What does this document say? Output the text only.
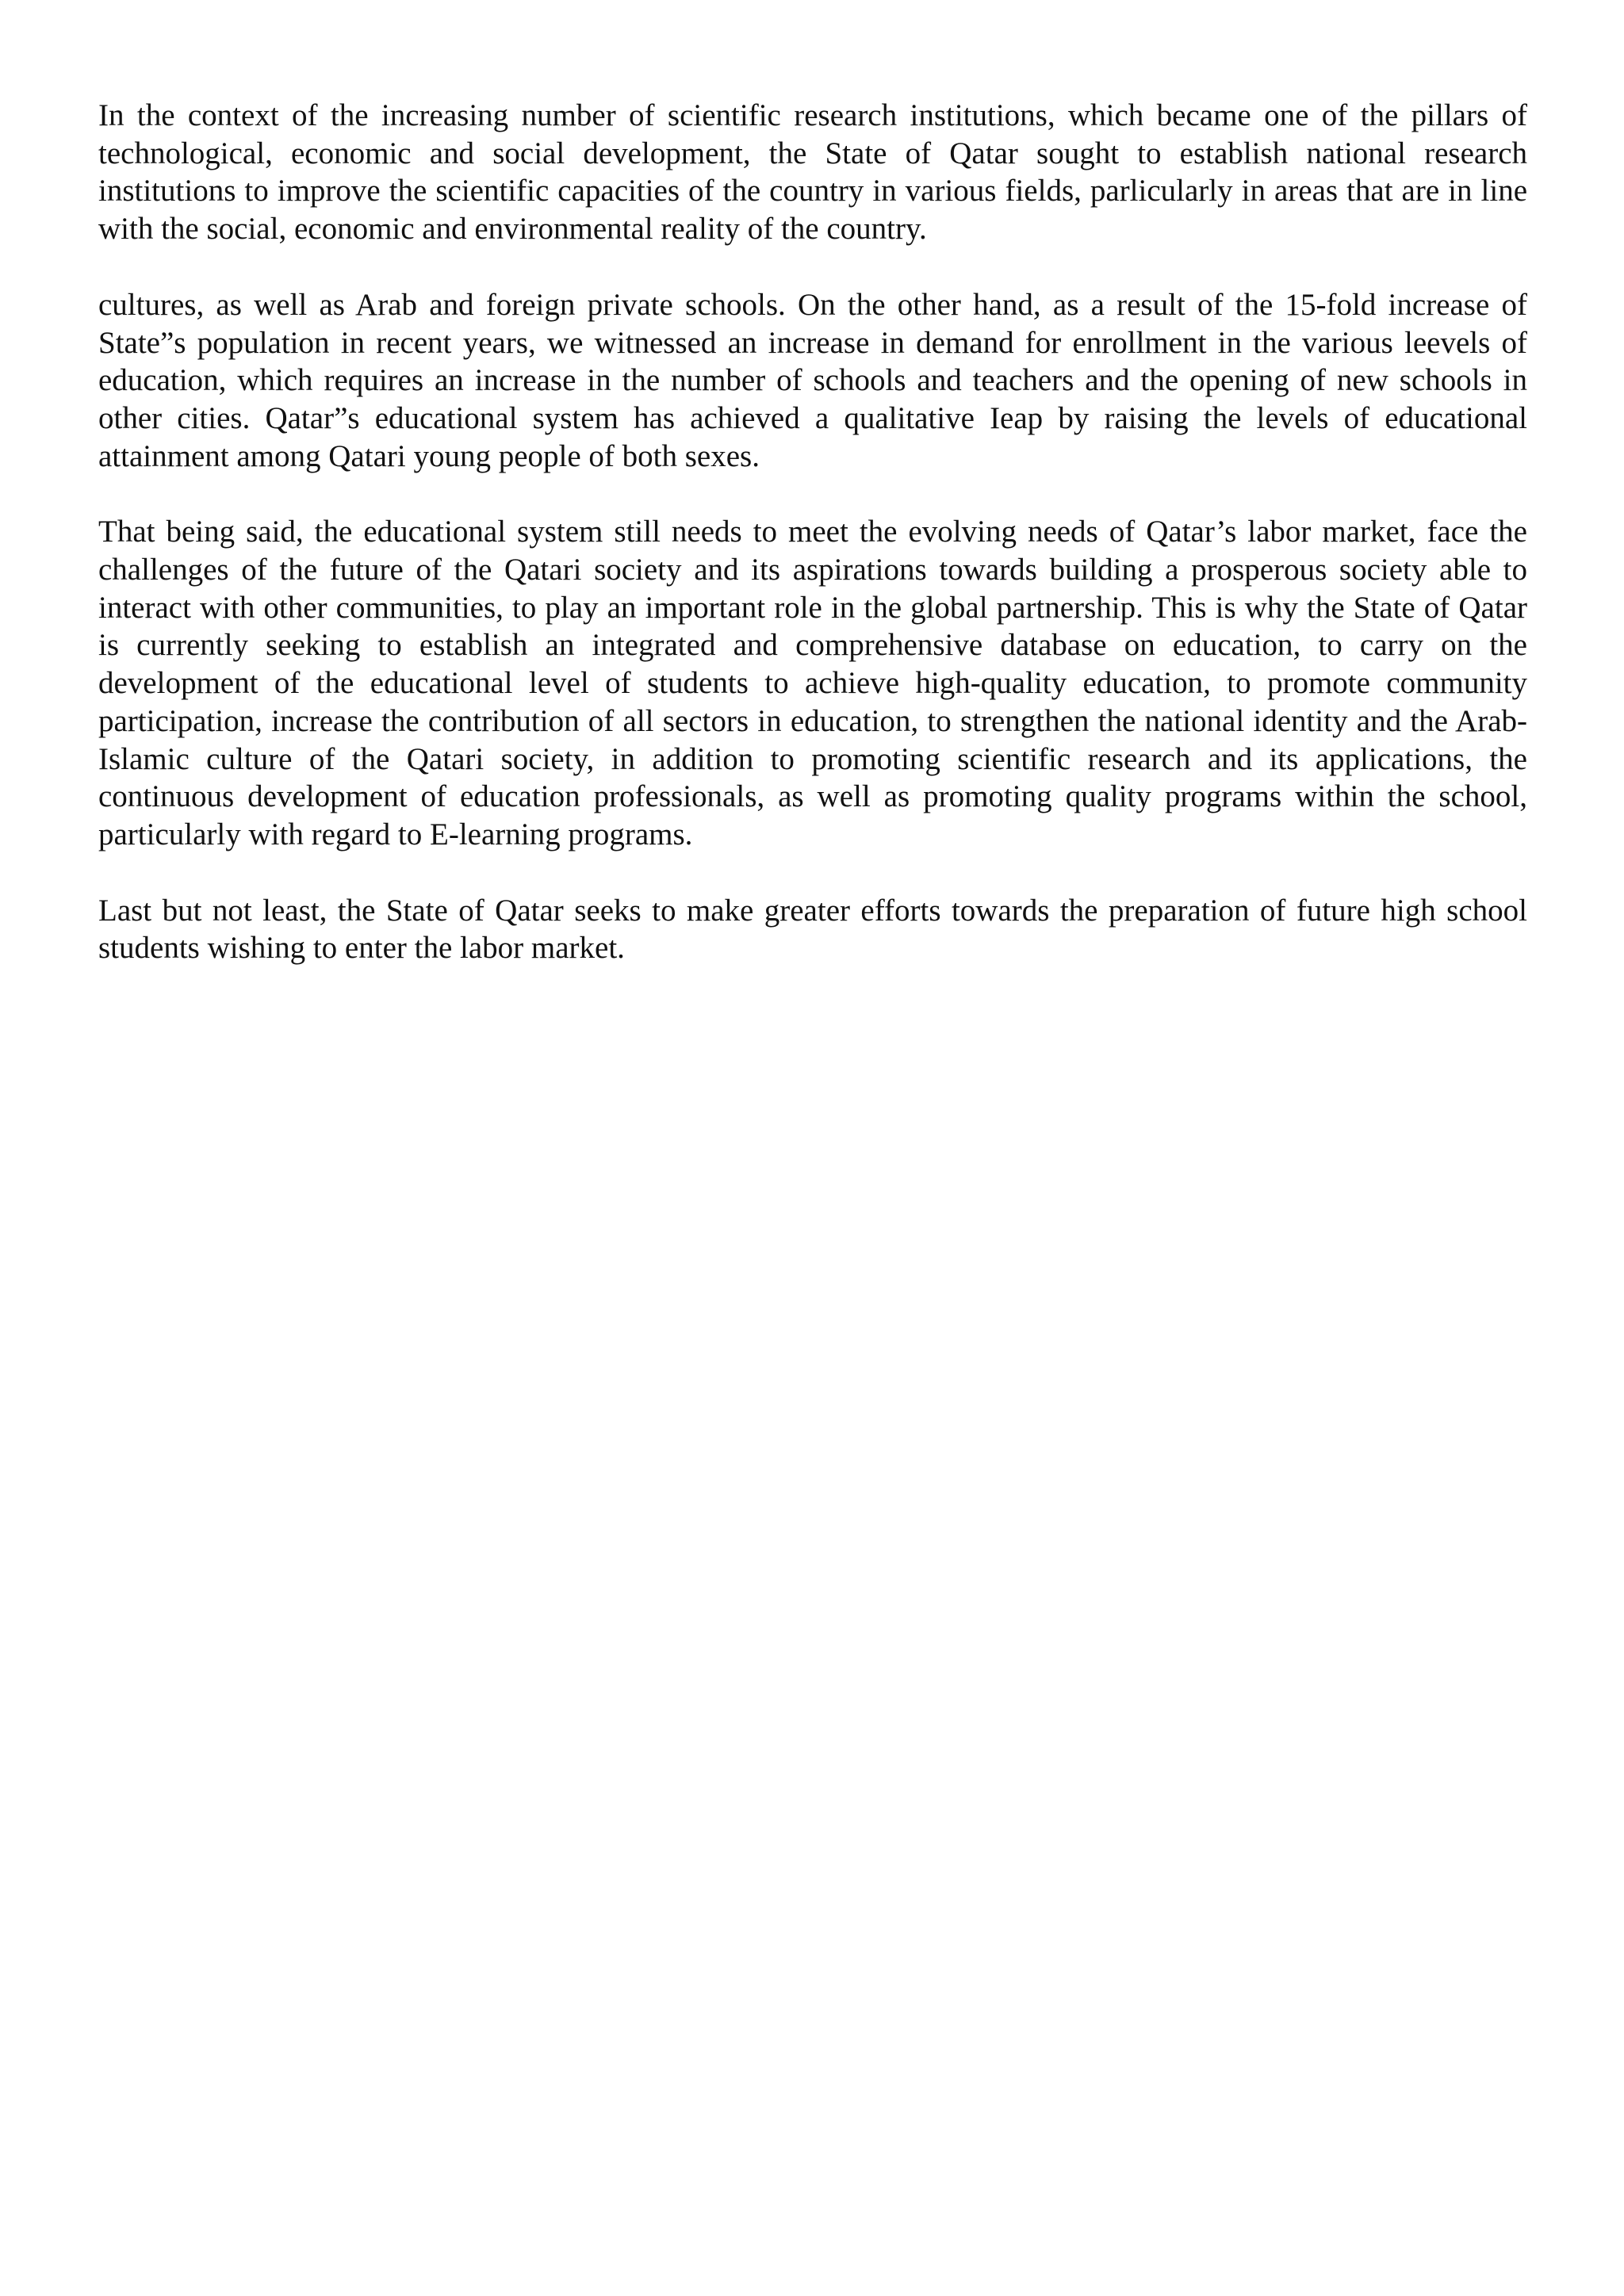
In the context of the increasing number of scientific research institutions, which became one of the pillars of technological, economic and social development, the State of Qatar sought to establish national research institutions to improve the scientific capacities of the country in various fields, parlicularly in areas that are in line with the social, economic and environmental reality of the country.

cultures, as well as Arab and foreign private schools. On the other hand, as a result of the 15-fold increase of State”s population in recent years, we witnessed an increase in demand for enrollment in the various leevels of education, which requires an increase in the number of schools and teachers and the opening of new schools in other cities. Qatar”s educational system has achieved a qualitative Ieap by raising the levels of educational attainment among Qatari young people of both sexes.

That being said, the educational system still needs to meet the evolving needs of Qatar’s labor market, face the challenges of the future of the Qatari society and its aspirations towards building a prosperous society able to interact with other communities, to play an important role in the global partnership. This is why the State of Qatar is currently seeking to establish an integrated and comprehensive database on education, to carry on the development of the educational level of students to achieve high-quality education, to promote community participation, increase the contribution of all sectors in education, to strengthen the national identity and the Arab-Islamic culture of the Qatari society, in addition to promoting scientific research and its applications, the continuous development of education professionals, as well as promoting quality programs within the school, particularly with regard to E-learning programs.

Last but not least, the State of Qatar seeks to make greater efforts towards the preparation of future high school students wishing to enter the labor market.
